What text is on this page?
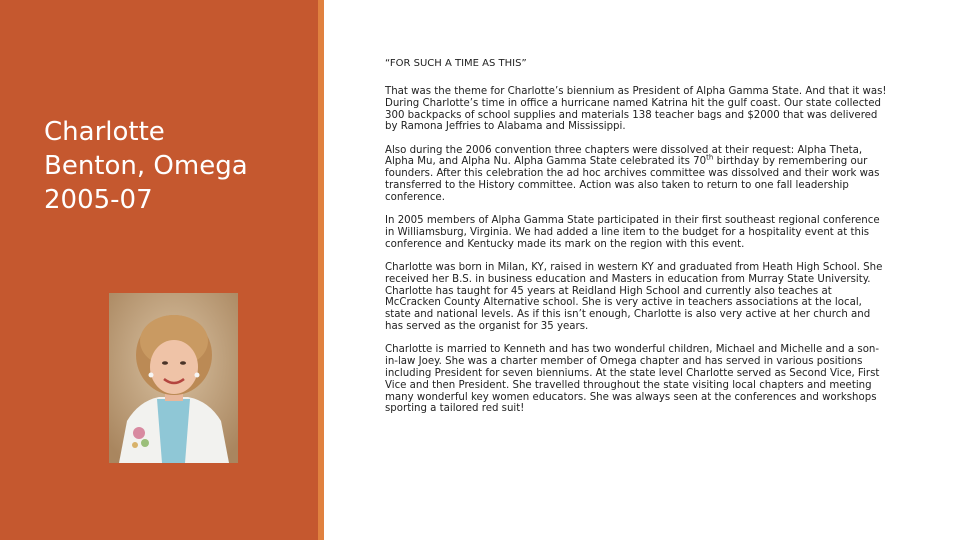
Charlotte
Benton, Omega
2005-07
“FOR SUCH A TIME AS THIS”

That was the theme for Charlotte’s biennium as President of Alpha Gamma State. And that it was! During Charlotte’s time in office a hurricane named Katrina hit the gulf coast. Our state collected 300 backpacks of school supplies and materials 138 teacher bags and $2000 that was delivered by Ramona Jeffries to Alabama and Mississippi.

Also during the 2006 convention three chapters were dissolved at their request: Alpha Theta, Alpha Mu, and Alpha Nu. Alpha Gamma State celebrated its 70th birthday by remembering our founders. After this celebration the ad hoc archives committee was dissolved and their work was transferred to the History committee. Action was also taken to return to one fall leadership conference.

In 2005 members of Alpha Gamma State participated in their first southeast regional conference in Williamsburg, Virginia. We had added a line item to the budget for a hospitality event at this conference and Kentucky made its mark on the region with this event.

Charlotte was born in Milan, KY, raised in western KY and graduated from Heath High School. She received her B.S. in business education and Masters in education from Murray State University. Charlotte has taught for 45 years at Reidland High School and currently also teaches at McCracken County Alternative school. She is very active in teachers associations at the local, state and national levels. As if this isn’t enough, Charlotte is also very active at her church and has served as the organist for 35 years.

Charlotte is married to Kenneth and has two wonderful children, Michael and Michelle and a son-in-law Joey. She was a charter member of Omega chapter and has served in various positions including President for seven bienniums. At the state level Charlotte served as Second Vice, First Vice and then President. She travelled throughout the state visiting local chapters and meeting many wonderful key women educators. She was always seen at the conferences and workshops sporting a tailored red suit!
